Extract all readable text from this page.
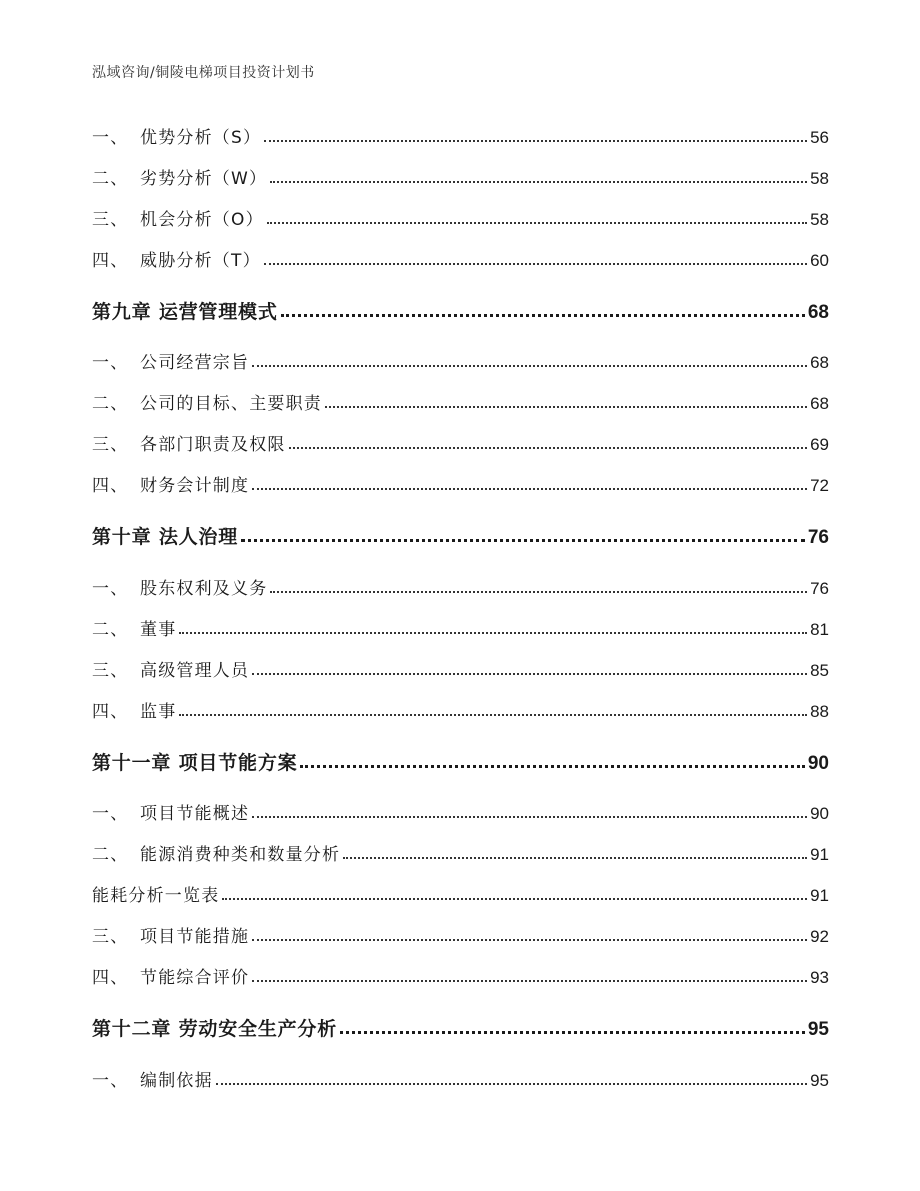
泓域咨询/铜陵电梯项目投资计划书
一、 优势分析（S）	56
二、 劣势分析（W）	58
三、 机会分析（O）	58
四、 威胁分析（T）	60
第九章 运营管理模式	68
一、 公司经营宗旨	68
二、 公司的目标、主要职责	68
三、 各部门职责及权限	69
四、 财务会计制度	72
第十章 法人治理	76
一、 股东权利及义务	76
二、 董事	81
三、 高级管理人员	85
四、 监事	88
第十一章 项目节能方案	90
一、 项目节能概述	90
二、 能源消费种类和数量分析	91
能耗分析一览表	91
三、 项目节能措施	92
四、 节能综合评价	93
第十二章 劳动安全生产分析	95
一、 编制依据	95
